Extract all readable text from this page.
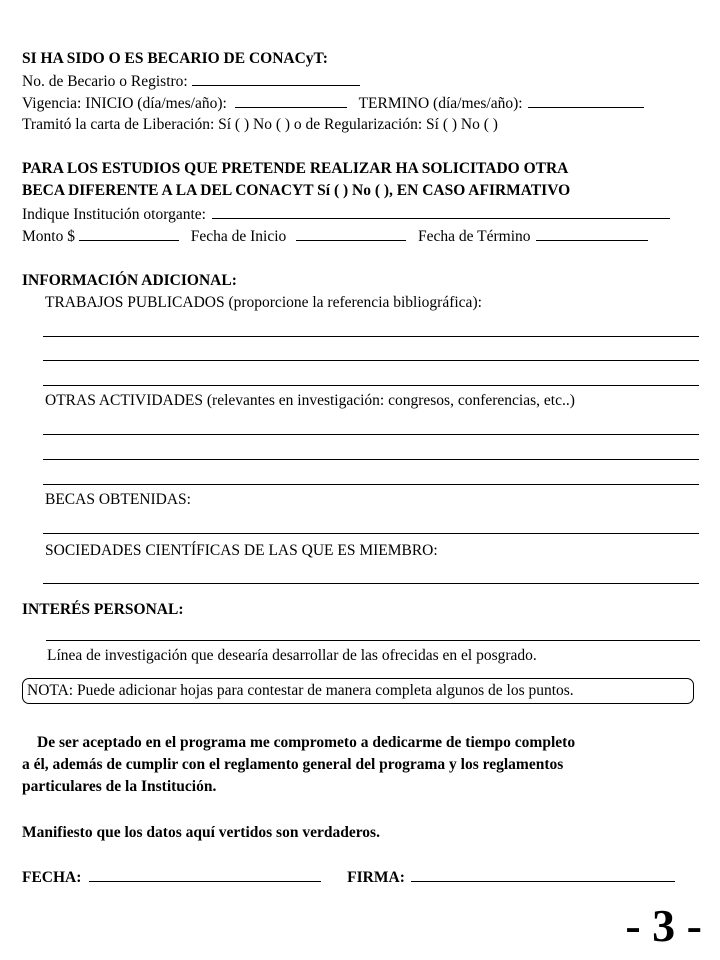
SI HA SIDO O ES BECARIO DE CONACyT:
No. de Becario o Registro:
Vigencia: INICIO (día/mes/año):	TERMINO (día/mes/año):
Tramitó la carta de Liberación: Sí ( ) No ( ) o de Regularización: Sí ( ) No ( )
PARA LOS ESTUDIOS QUE PRETENDE REALIZAR HA SOLICITADO OTRA
BECA DIFERENTE A LA DEL CONACYT Sí ( ) No ( ), EN CASO AFIRMATIVO
Indique Institución otorgante:
Monto $	Fecha de Inicio	Fecha de Término
INFORMACIÓN ADICIONAL:
TRABAJOS PUBLICADOS (proporcione la referencia bibliográfica):
OTRAS ACTIVIDADES (relevantes en investigación: congresos, conferencias, etc..)
BECAS OBTENIDAS:
SOCIEDADES CIENTÍFICAS DE LAS QUE ES MIEMBRO:
INTERÉS PERSONAL:
Línea de investigación que desearía desarrollar de las ofrecidas en el posgrado.
NOTA: Puede adicionar hojas para contestar de manera completa algunos de los puntos.
De ser aceptado en el programa me comprometo a dedicarme de tiempo completo
a él, además de cumplir con el reglamento general del programa y los reglamentos
particulares de la Institución.
Manifiesto que los datos aquí vertidos son verdaderos.
FECHA:	FIRMA:
- 3 -
